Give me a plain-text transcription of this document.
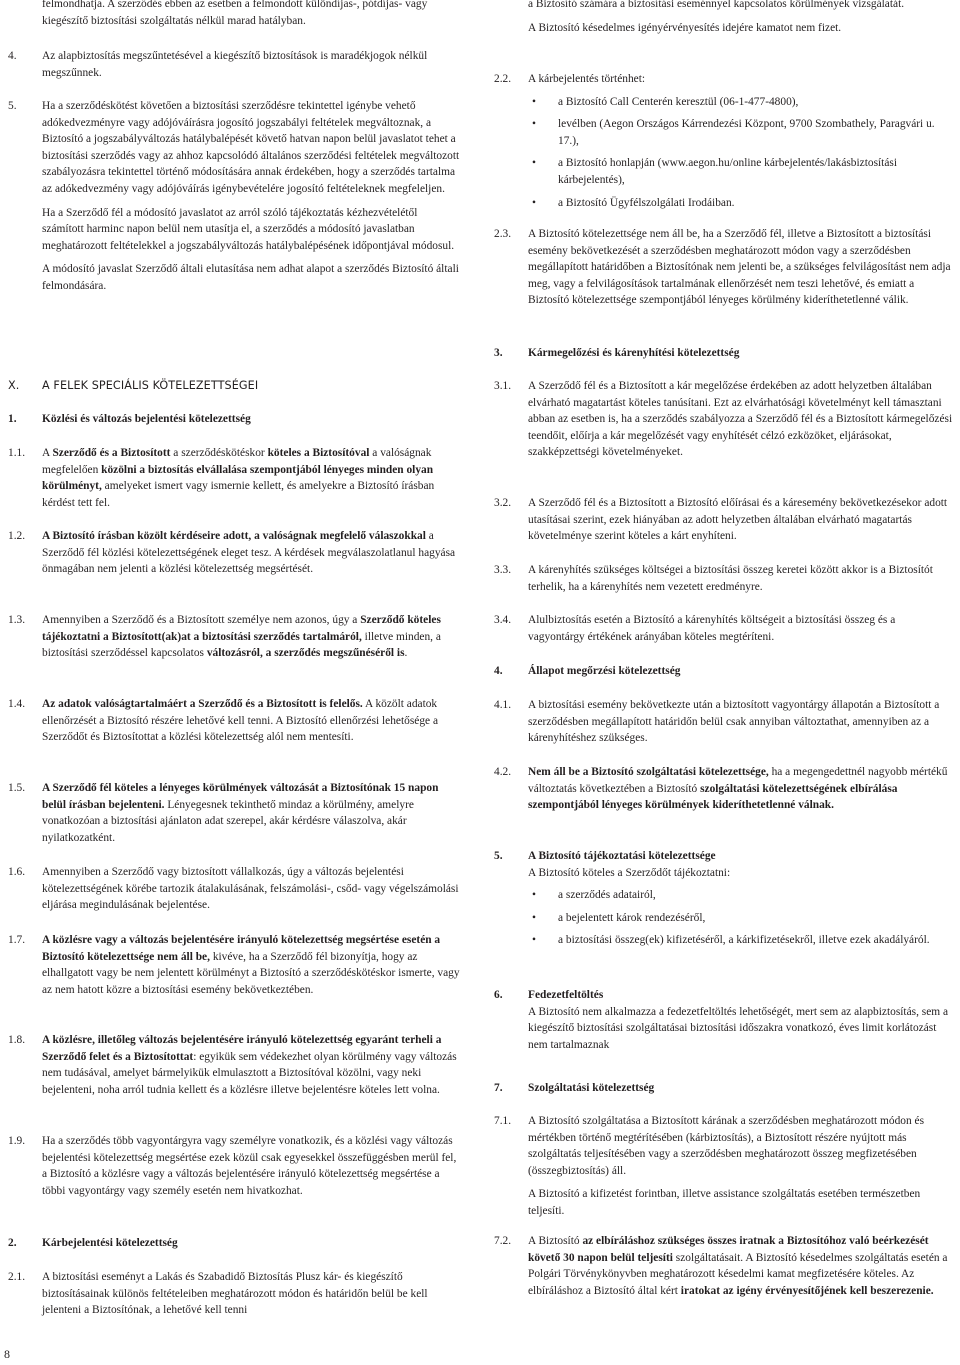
felmondhatja. A szerződés ebben az esetben a felmondott különdíjas-, pótdíjas- vagy kiegészítő biztosítási szolgáltatás nélkül marad hatályban.

4. Az alapbiztosítás megszűntetésével a kiegészítő biztosítások is maradékjogok nélkül megszűnnek.

5. Ha a szerződéskötést követően a biztosítási szerződésre tekintettel igénybe vehető adókedvezményre vagy adójóváírásra jogosító jogszabályi feltételek megváltoznak, a Biztosító a jogszabályváltozás hatálybalépését követő hatvan napon belül javaslatot tehet a biztosítási szerződés vagy az ahhoz kapcsolódó általános szerződési feltételek megváltozott szabályozásra tekintettel történő módosítására annak érdekében, hogy a szerződés tartalma az adókedvezmény vagy adójóváírás igénybevételére jogosító feltételeknek megfeleljen.

Ha a Szerződő fél a módosító javaslatot az arról szóló tájékoztatás kézhezvételétől számított harminc napon belül nem utasítja el, a szerződés a módosító javaslatban meghatározott feltételekkel a jogszabályváltozás hatálybalépésének időpontjával módosul.

A módosító javaslat Szerződő általi elutasítása nem adhat alapot a szerződés Biztosító általi felmondására.

X. A FELEK SPECIÁLIS KÖTELEZETTSÉGEI
1. Közlési és változás bejelentési kötelezettség
1.1. A Szerződő és a Biztosított a szerződéskötéskor köteles a Biztosítóval a valóságnak megfelelően közölni a biztosítás elvállalása szempontjából lényeges minden olyan körülményt, amelyeket ismert vagy ismernie kellett, és amelyekre a Biztosító írásban kérdést tett fel.

1.2. A Biztosító írásban közölt kérdéseire adott, a valóságnak megfelelő válaszokkal a Szerződő fél közlési kötelezettségének eleget tesz. A kérdések megválaszolatlanul hagyása önmagában nem jelenti a közlési kötelezettség megsértését.

1.3. Amennyiben a Szerződő és a Biztosított személye nem azonos, úgy a Szerződő köteles tájékoztatni a Biztosított(ak)at a biztosítási szerződés tartalmáról, illetve minden, a biztosítási szerződéssel kapcsolatos változásról, a szerződés megszűnéséről is.

1.4. Az adatok valóságtartalmáért a Szerződő és a Biztosított is felelős. A közölt adatok ellenőrzését a Biztosító részére lehetővé kell tenni. A Biztosító ellenőrzési lehetősége a Szerződőt és Biztosítottat a közlési kötelezettség alól nem mentesíti.

1.5. A Szerződő fél köteles a lényeges körülmények változását a Biztosítónak 15 napon belül írásban bejelenteni. Lényegesnek tekinthető mindaz a körülmény, amelyre vonatkozóan a biztosítási ajánlaton adat szerepel, akár kérdésre válaszolva, akár nyilatkozatként.

1.6. Amennyiben a Szerződő vagy biztosított vállalkozás, úgy a változás bejelentési kötelezettségének körébe tartozik átalakulásának, felszámolási-, csőd- vagy végelszámolási eljárása megindulásának bejelentése.

1.7. A közlésre vagy a változás bejelentésére irányuló kötelezettség megsértése esetén a Biztosító kötelezettsége nem áll be, kivéve, ha a Szerződő fél bizonyítja, hogy az elhallgatott vagy be nem jelentett körülményt a Biztosító a szerződéskötéskor ismerte, vagy az nem hatott közre a biztosítási esemény bekövetkeztében.

1.8. A közlésre, illetőleg változás bejelentésére irányuló kötelezettség egyaránt terheli a Szerződő felet és a Biztosítottat: egyikük sem védekezhet olyan körülmény vagy változás nem tudásával, amelyet bármelyikük elmulasztott a Biztosítóval közölni, vagy neki bejelenteni, noha arról tudnia kellett és a közlésre illetve bejelentésre köteles lett volna.

1.9. Ha a szerződés több vagyontárgyra vagy személyre vonatkozik, és a közlési vagy változás bejelentési kötelezettség megsértése ezek közül csak egyesekkel összefüggésben merül fel, a Biztosító a közlésre vagy a változás bejelentésére irányuló kötelezettség megsértése a többi vagyontárgy vagy személy esetén nem hivatkozhat.

2. Kárbejelentési kötelezettség
2.1. A biztosítási eseményt a Lakás és Szabadidő Biztosítás Plusz kár- és kiegészítő biztosításainak különös feltételeiben meghatározott módon és határidőn belül be kell jelenteni a Biztosítónak, a lehetővé kell tenni

a Biztosító számára a biztosítási eseménnyel kapcsolatos körülmények vizsgálatát.

A Biztosító késedelmes igényérvényesítés idejére kamatot nem fizet.

2.2. A kárbejelentés történhet:

• a Biztosító Call Centerén keresztül (06-1-477-4800),
• levélben (Aegon Országos Kárrendezési Központ, 9700 Szombathely, Paragvári u. 17.),
• a Biztosító honlapján (www.aegon.hu/online kárbejelentés/lakásbiztosítási kárbejelentés),
• a Biztosító Ügyfélszolgálati Irodáiban.
2.3. A Biztosító kötelezettsége nem áll be, ha a Szerződő fél, illetve a Biztosított a biztosítási esemény bekövetkezését a szerződésben meghatározott módon vagy a szerződésben megállapított határidőben a Biztosítónak nem jelenti be, a szükséges felvilágosítást nem adja meg, vagy a felvilágosítások tartalmának ellenőrzését nem teszi lehetővé, és emiatt a Biztosító kötelezettsége szempontjából lényeges körülmény kideríthetetlenné válik.

3. Kármegelőzési és kárenyhítési kötelezettség
3.1. A Szerződő fél és a Biztosított a kár megelőzése érdekében az adott helyzetben általában elvárható magatartást köteles tanúsítani. Ezt az elvárhatósági követelményt kell támasztani abban az esetben is, ha a szerződés szabályozza a Szerződő fél és a Biztosított kármegelőzési teendőit, előírja a kár megelőzését vagy enyhítését célzó ezközöket, eljárásokat, szakképzettségi követelményeket.

3.2. A Szerződő fél és a Biztosított a Biztosító előírásai és a káresemény bekövetkezésekor adott utasításai szerint, ezek hiányában az adott helyzetben általában elvárható magatartás követelménye szerint köteles a kárt enyhíteni.

3.3. A kárenyhítés szükséges költségei a biztosítási összeg keretei között akkor is a Biztosítót terhelik, ha a kárenyhítés nem vezetett eredményre.

3.4. Alulbiztosítás esetén a Biztosító a kárenyhítés költségeit a biztosítási összeg és a vagyontárgy értékének arányában köteles megtéríteni.

4. Állapot megőrzési kötelezettség
4.1. A biztosítási esemény bekövetkezte után a biztosított vagyontárgy állapotán a Biztosított a szerződésben megállapított határidőn belül csak annyiban változtathat, amennyiben az a kárenyhítéshez szükséges.

4.2. Nem áll be a Biztosító szolgáltatási kötelezettsége, ha a megengedettnél nagyobb mértékű változtatás következtében a Biztosító szolgáltatási kötelezettségének elbírálása szempontjából lényeges körülmények kideríthetetlenné válnak.

5. A Biztosító tájékoztatási kötelezettsége

A Biztosító köteles a Szerződőt tájékoztatni:

• a szerződés adatairól,
• a bejelentett károk rendezéséről,
• a biztosítási összeg(ek) kifizetéséről, a kárkifizetésekről, illetve ezek akadályáról.
6. Fedezetfeltöltés

A Biztosító nem alkalmazza a fedezetfeltöltés lehetőségét, mert sem az alapbiztosítás, sem a kiegészítő biztosítási szolgáltatásai biztosítási időszakra vonatkozó, éves limit korlátozást nem tartalmaznak

7. Szolgáltatási kötelezettség
7.1. A Biztosító szolgáltatása a Biztosított kárának a szerződésben meghatározott módon és mértékben történő megtérítésében (kárbiztosítás), a Biztosított részére nyújtott más szolgáltatás teljesítésében vagy a szerződésben meghatározott összeg megfizetésében (összegbiztosítás) áll.

A Biztosító a kifizetést forintban, illetve assistance szolgáltatás esetében természetben teljesíti.

7.2. A Biztosító az elbíráláshoz szükséges összes iratnak a Biztosítóhoz való beérkezését követő 30 napon belül teljesíti szolgáltatásait. A Biztosító késedelmes szolgáltatás esetén a Polgári Törvénykönyvben meghatározott késedelmi kamat megfizetésére köteles. Az elbíráláshoz a Biztosító által kért iratokat az igény érvényesítőjének kell beszerezenie.

8
